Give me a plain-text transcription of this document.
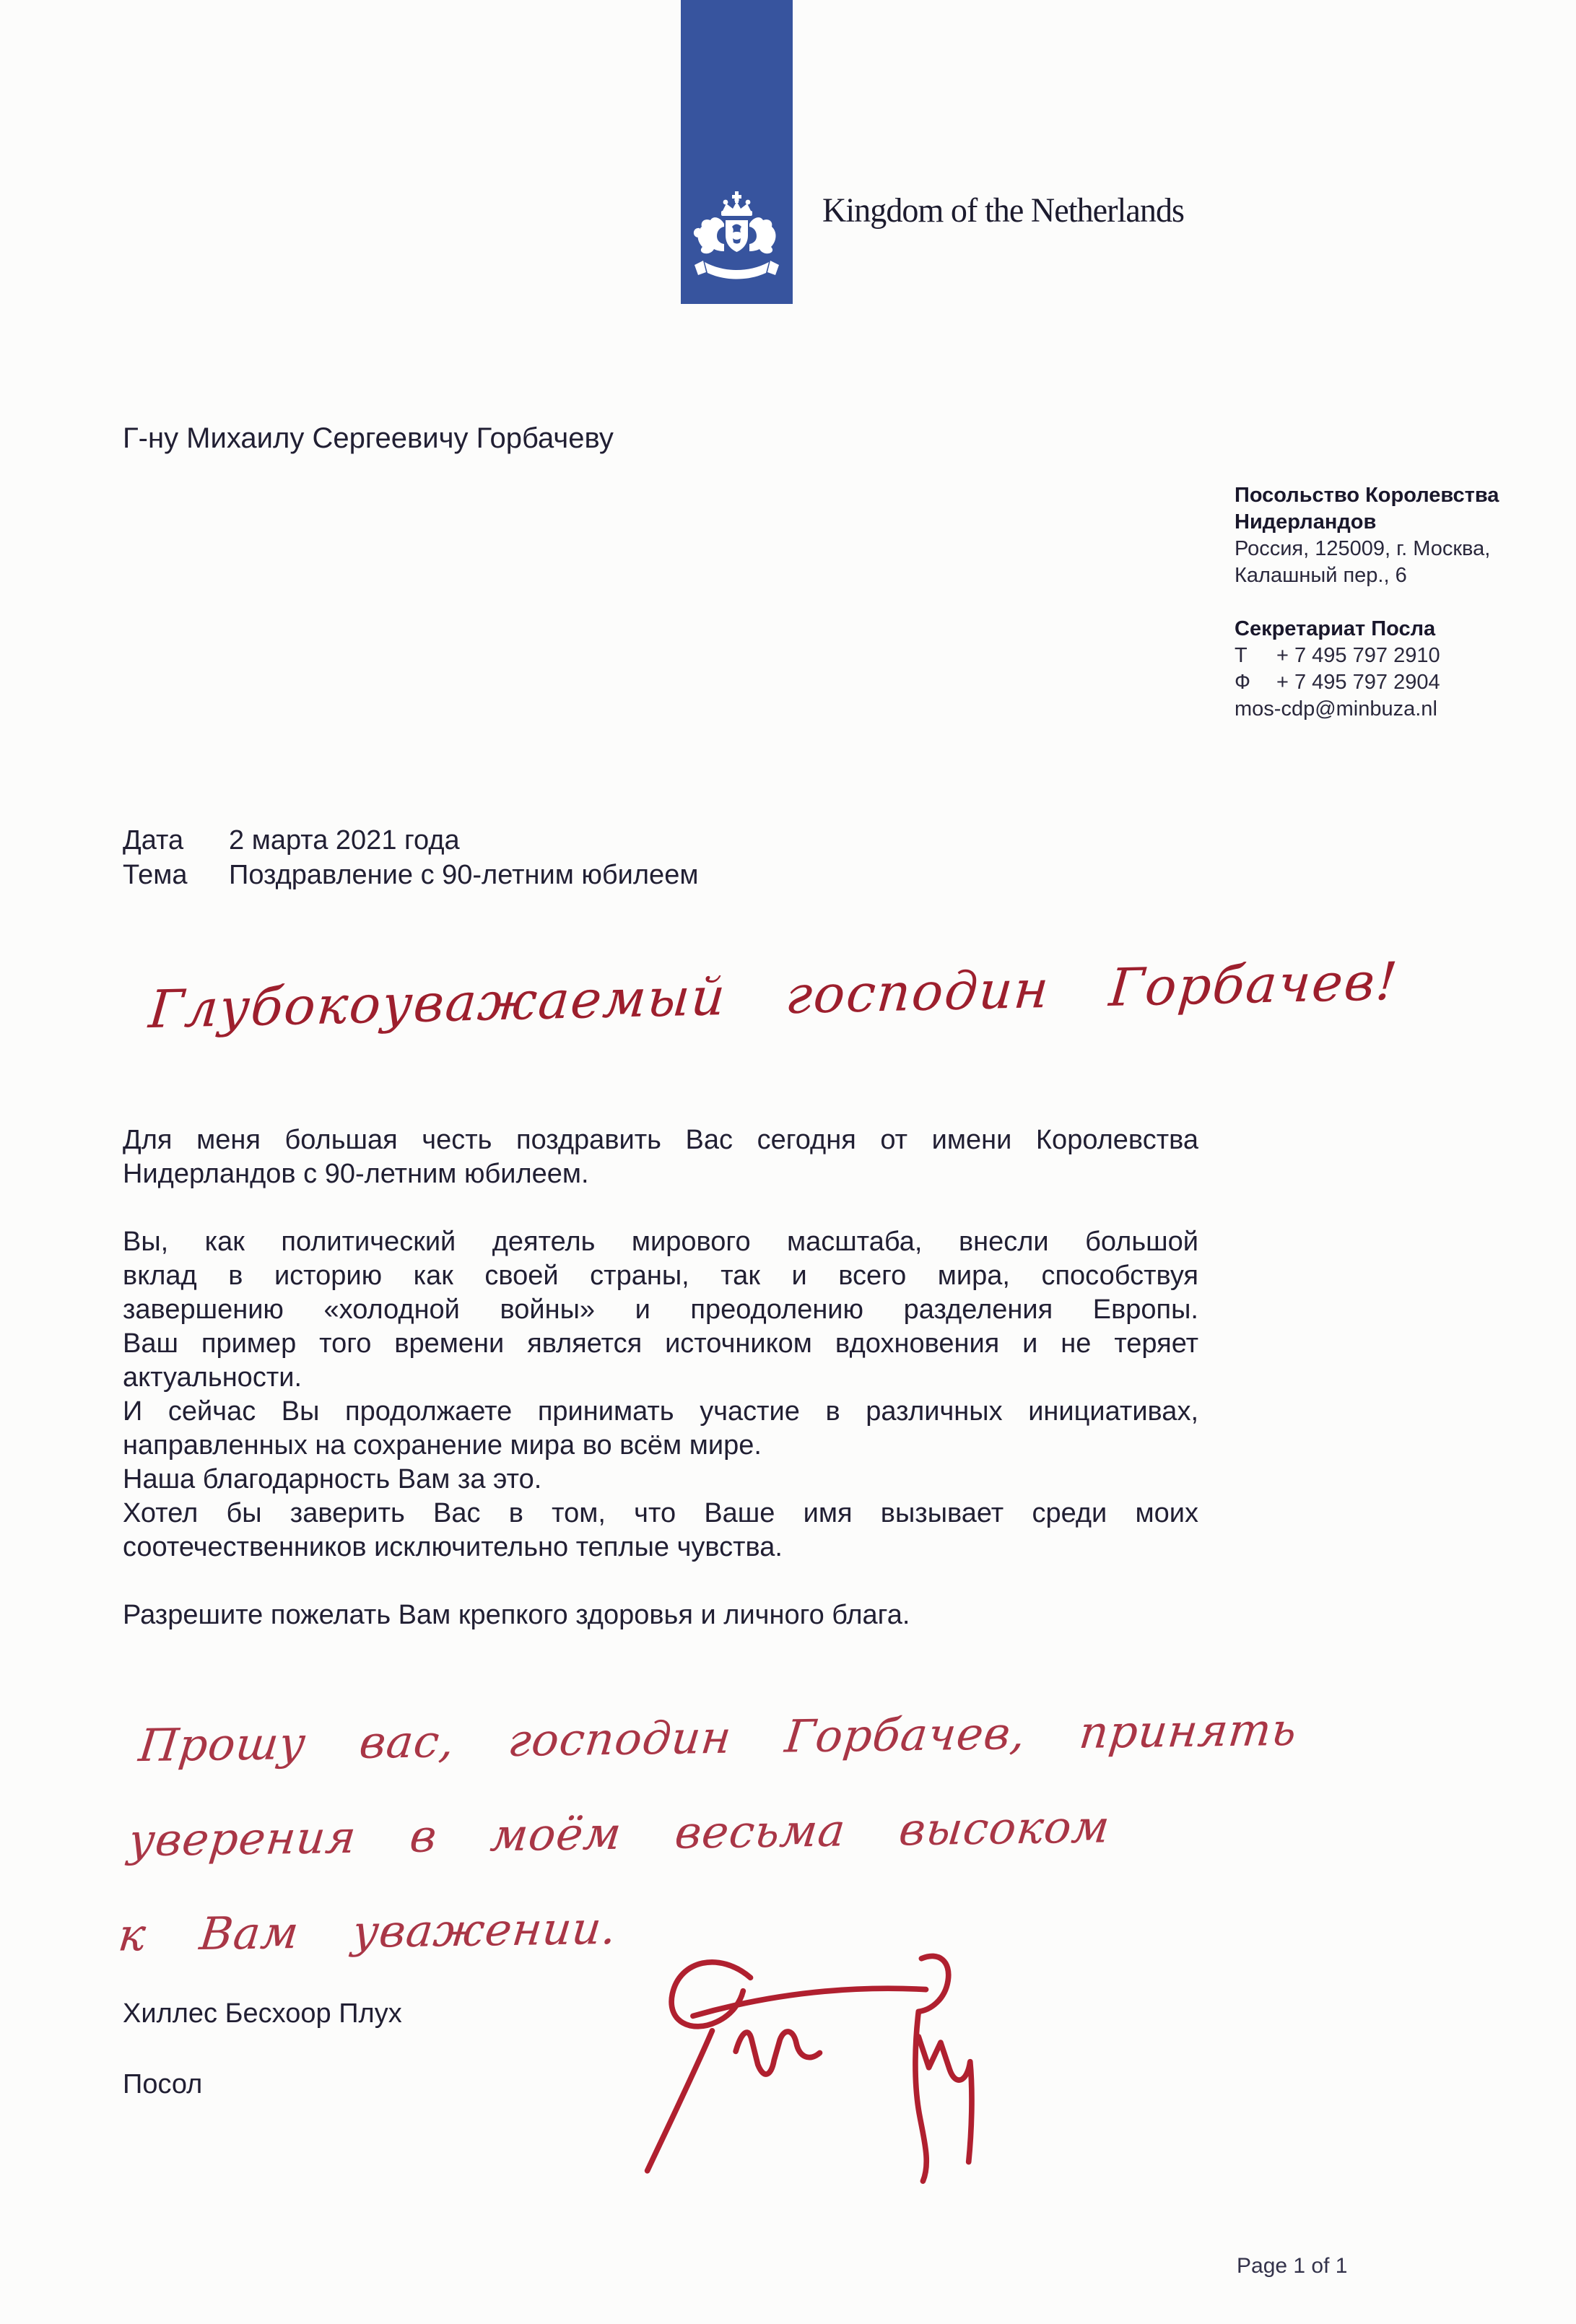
Kingdom of the Netherlands
Г-ну Михаилу Сергеевичу Горбачеву
Посольство Королевства
Нидерландов
Россия, 125009, г. Москва,
Калашный пер., 6
Секретариат Посла
Т + 7 495 797 2910
Ф + 7 495 797 2904
mos-cdp@minbuza.nl
Дата 2 марта 2021 года
Тема Поздравление с 90-летним юбилеем
Глубокоуважаемый господин Горбачев!
Для меня большая честь поздравить Вас сегодня от имени Королевства
Нидерландов с 90-летним юбилеем.
Вы, как политический деятель мирового масштаба, внесли большой
вклад в историю как своей страны, так и всего мира, способствуя
завершению «холодной войны» и преодолению разделения Европы.
Ваш пример того времени является источником вдохновения и не теряет
актуальности.
И сейчас Вы продолжаете принимать участие в различных инициативах,
направленных на сохранение мира во всём мире.
Наша благодарность Вам за это.
Хотел бы заверить Вас в том, что Ваше имя вызывает среди моих
соотечественников исключительно теплые чувства.
Разрешите пожелать Вам крепкого здоровья и личного блага.
Прошу вас, господин Горбачев, принять
уверения в моём весьма высоком
к Вам уважении.
Хиллес Бесхоор Плух
Посол
Page 1 of 1
